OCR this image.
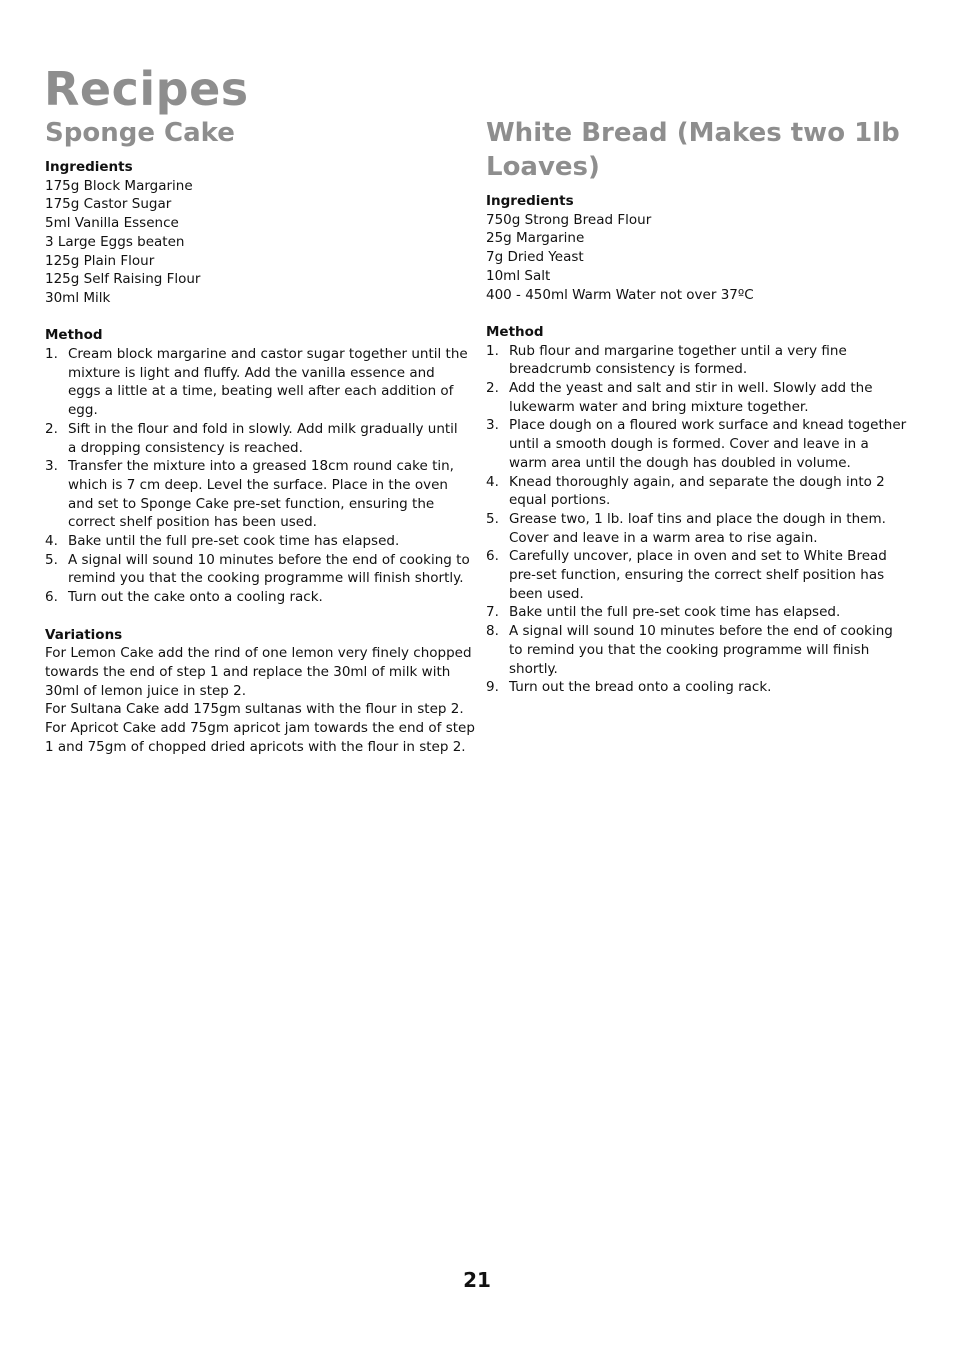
Recipes
Sponge Cake
Ingredients
175g Block Margarine
175g Castor Sugar
5ml Vanilla Essence
3 Large Eggs beaten
125g Plain Flour
125g Self Raising Flour
30ml Milk
Method
1. Cream block margarine and castor sugar together until the mixture is light and fluffy. Add the vanilla essence and eggs a little at a time, beating well after each addition of egg.
2. Sift in the flour and fold in slowly. Add milk gradually until a dropping consistency is reached.
3. Transfer the mixture into a greased 18cm round cake tin, which is 7 cm deep. Level the surface. Place in the oven and set to Sponge Cake pre-set function, ensuring the correct shelf position has been used.
4. Bake until the full pre-set cook time has elapsed.
5. A signal will sound 10 minutes before the end of cooking to remind you that the cooking programme will finish shortly.
6. Turn out the cake onto a cooling rack.
Variations
For Lemon Cake add the rind of one lemon very finely chopped
towards the end of step 1 and replace the 30ml of milk with
30ml of lemon juice in step 2.
For Sultana Cake add 175gm sultanas with the flour in step 2.
For Apricot Cake add 75gm apricot jam towards the end of step
1 and 75gm of chopped dried apricots with the flour in step 2.
White Bread (Makes two 1lb Loaves)
Ingredients
750g Strong Bread Flour
25g Margarine
7g Dried Yeast
10ml Salt
400 - 450ml Warm Water not over 37ºC
Method
1. Rub flour and margarine together until a very fine breadcrumb consistency is formed.
2. Add the yeast and salt and stir in well. Slowly add the lukewarm water and bring mixture together.
3. Place dough on a floured work surface and knead together until a smooth dough is formed. Cover and leave in a warm area until the dough has doubled in volume.
4. Knead thoroughly again, and separate the dough into 2 equal portions.
5. Grease two, 1 lb. loaf tins and place the dough in them. Cover and leave in a warm area to rise again.
6. Carefully uncover, place in oven and set to White Bread pre-set function, ensuring the correct shelf position has been used.
7. Bake until the full pre-set cook time has elapsed.
8. A signal will sound 10 minutes before the end of cooking to remind you that the cooking programme will finish shortly.
9. Turn out the bread onto a cooling rack.
21
